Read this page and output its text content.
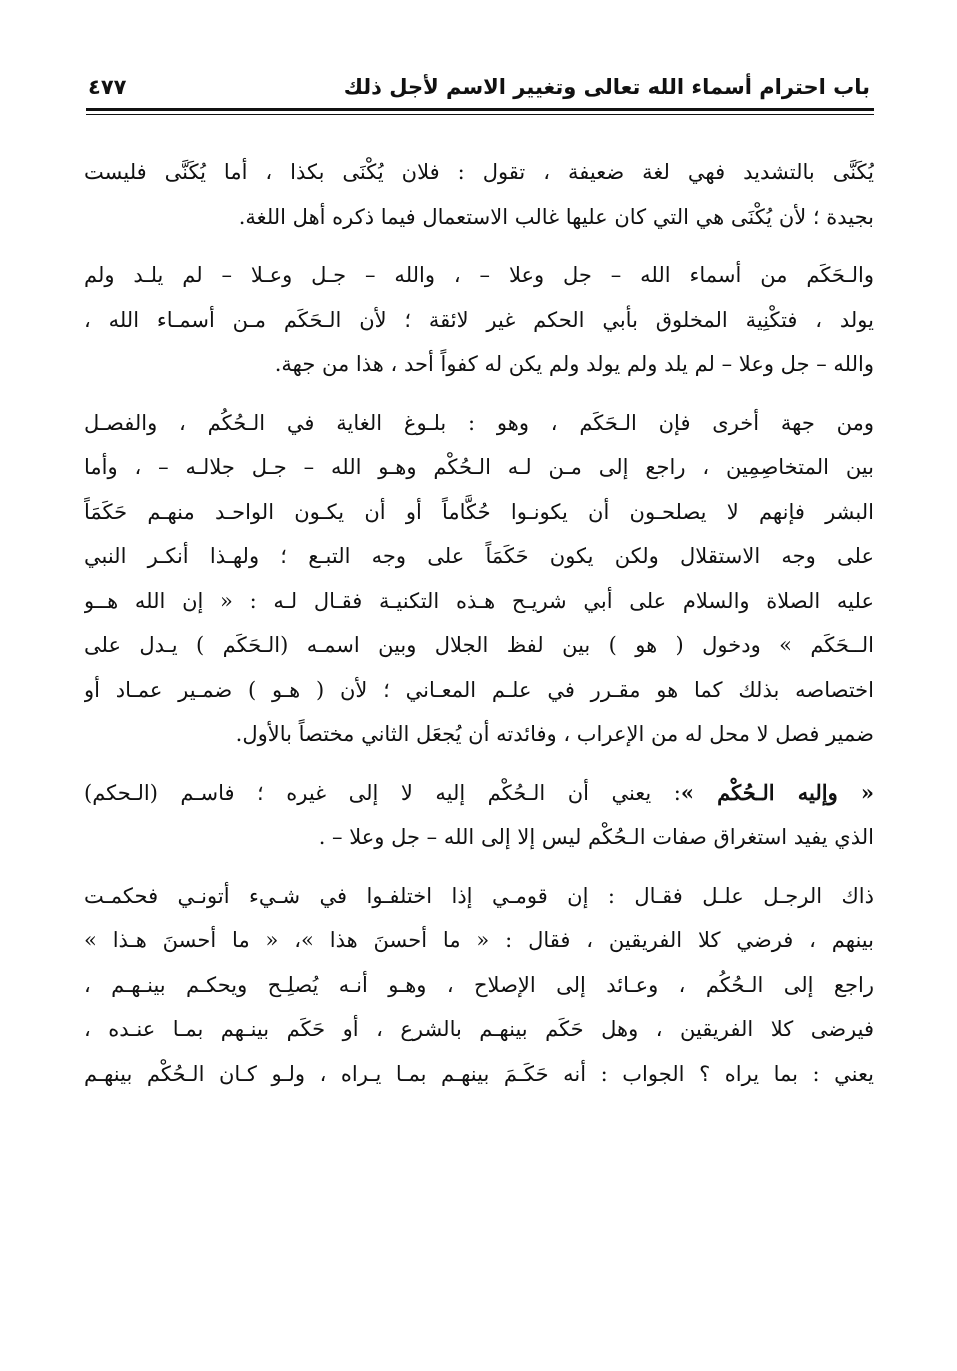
باب احترام أسماء الله تعالى وتغيير الاسم لأجل ذلك
٤٧٧

يُكَنَّى بالتشديد فهي لغة ضعيفة ، تقول : فلان يُكْنَى بكذا ، أما يُكَنَّى فليست
بجيدة ؛ لأن يُكْنَى هي التي كان عليها غالب الاستعمال فيما ذكره أهل اللغة.

والـحَكَم من أسماء الله – جل وعلا – ، والله – جـل وعـلا – لم يلـد ولم
يولد ، فتكْنِية المخلوق بأبي الحكم غير لائقة ؛ لأن الـحَكَم مـن أسمـاء الله ،
والله – جل وعلا – لم يلد ولم يولد ولم يكن له كفواً أحد ، هذا من جهة.

ومن جهة أخرى فإن الـحَكَم ، وهو : بلـوغ الغاية في الـحُكُم ، والفصـل
بين المتخاصِمِين ، راجع إلى مـن لـه الـحُكْم وهـو الله – جـل جلالـه – ، وأما
البشر فإنهم لا يصلحـون أن يكونـوا حُكَّاماً أو أن يكـون الواحـد منهـم حَكَمَاً
على وجه الاستقلال ولكن يكون حَكَمَاً على وجه التبـع ؛ ولهـذا أنكـر النبي
عليه الصلاة والسلام على أبي شريـح هـذه التكنيـة فقـال لـه : « إن الله هــو
الــحَكَم » ودخول ( هو ) بين لفظ الجلال وبين اسمـه (الـحَكَم ) يـدل على
اختصاصه بذلك كما هو مقـرر في علـم المعـاني ؛ لأن ( هـو ) ضمـير عمـاد أو
ضمير فصل لا محل له من الإعراب ، وفائدته أن يُجعَل الثاني مختصاً بالأول.

« وإليه الـحُكْم »: يعني أن الـحُكْم إليه لا إلى غيره ؛ فاسـم (الـحكم)
الذي يفيد استغراق صفات الـحُكْم ليس إلا إلى الله – جل وعلا – .

ذاك الرجـل علـل فقـال : إن قومـي إذا اختلفـوا في شـيء أتونـي فحكمـت
بينهم ، فرضي كلا الفريقين ، فقال : « ما أحسنَ هذا »، « ما أحسنَ هـذا »
راجع إلى الـحُكُم ، وعـائد إلى الإصلاح ، وهـو أنـه يُصلِـح ويحكـم بينـهـم ،
فيرضى كلا الفريقين ، وهل حَكَم بينهـم بالشرع ، أو حَكَم بينـهم بمـا عنـده ،
يعني : بما يراه ؟ الجواب : أنه حَكَـمَ بينهـم بمـا يـراه ، ولـو كـان الـحُكْم بينهـم
